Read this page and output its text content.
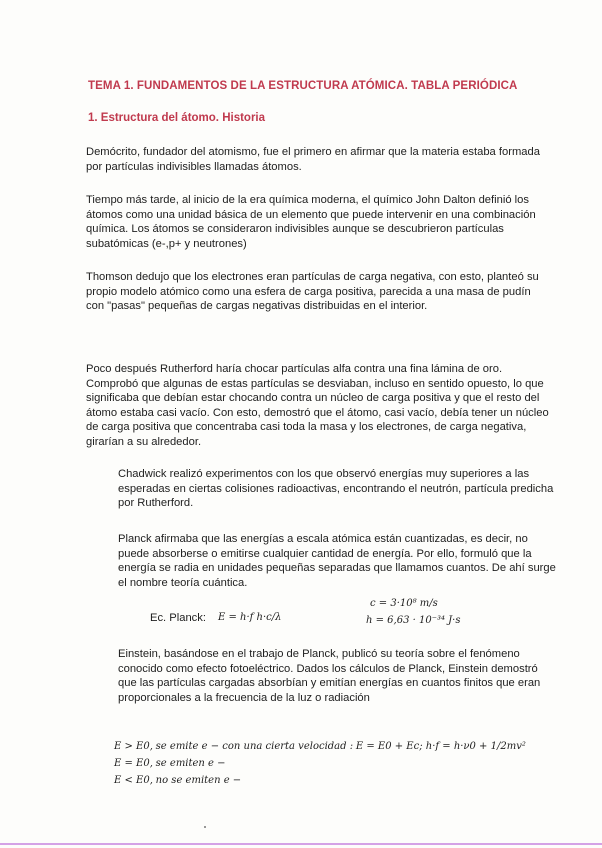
TEMA 1. FUNDAMENTOS DE LA ESTRUCTURA ATÓMICA. TABLA PERIÓDICA
1. Estructura del átomo. Historia

Demócrito, fundador del atomismo, fue el primero en afirmar que la materia estaba formada por partículas indivisibles llamadas átomos.

Tiempo más tarde, al inicio de la era química moderna, el químico John Dalton definió los átomos como una unidad básica de un elemento que puede intervenir en una combinación química. Los átomos se consideraron indivisibles aunque se descubrieron partículas subatómicas (e-,p+ y neutrones)

Thomson dedujo que los electrones eran partículas de carga negativa, con esto, planteó su propio modelo atómico como una esfera de carga positiva, parecida a una masa de pudín con "pasas" pequeñas de cargas negativas distribuidas en el interior.

Poco después Rutherford haría chocar partículas alfa contra una fina lámina de oro. Comprobó que algunas de estas partículas se desviaban, incluso en sentido opuesto, lo que significaba que debían estar chocando contra un núcleo de carga positiva y que el resto del átomo estaba casi vacío. Con esto, demostró que el átomo, casi vacío, debía tener un núcleo de carga positiva que concentraba casi toda la masa y los electrones, de carga negativa, girarían a su alrededor.

Chadwick realizó experimentos con los que observó energías muy superiores a las esperadas en ciertas colisiones radioactivas, encontrando el neutrón, partícula predicha por Rutherford.

Planck afirmaba que las energías a escala atómica están cuantizadas, es decir, no puede absorberse o emitirse cualquier cantidad de energía. Por ello, formuló que la energía se radia en unidades pequeñas separadas que llamamos cuantos. De ahí surge el nombre teoría cuántica.

Ec. Planck: E = h·f h·c/λ
c = 3·10⁸ m/s
h = 6,63 · 10⁻³⁴ J·s

Einstein, basándose en el trabajo de Planck, publicó su teoría sobre el fenómeno conocido como efecto fotoeléctrico. Dados los cálculos de Planck, Einstein demostró que las partículas cargadas absorbían y emitían energías en cuantos finitos que eran proporcionales a la frecuencia de la luz o radiación

E > E0, se emite e − con una cierta velocidad : E = E0 + Ec; h·f = h·ν0 + 1/2mv²
E = E0, se emiten e −
E < E0, no se emiten e −
